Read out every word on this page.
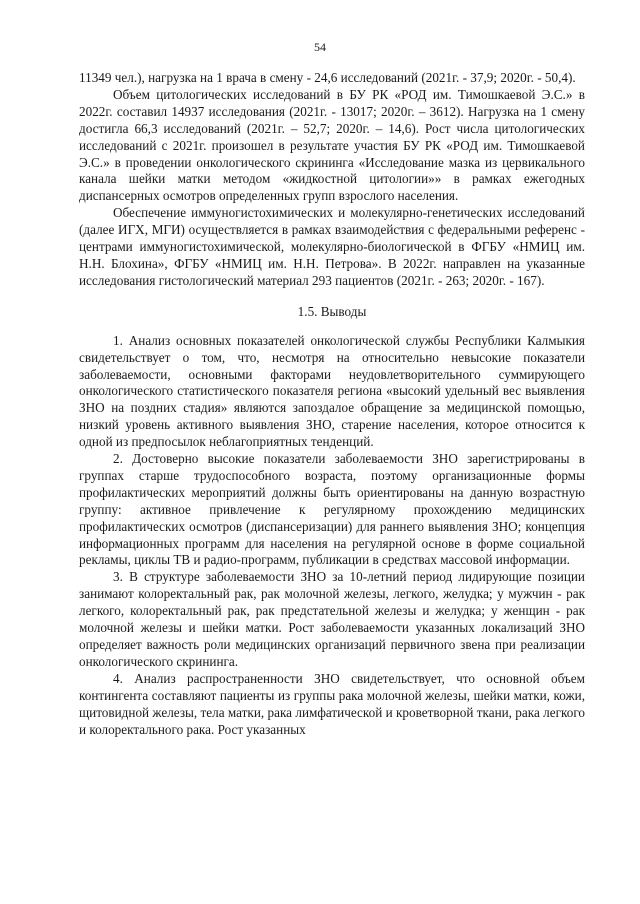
54

11349 чел.), нагрузка на 1 врача в смену - 24,6 исследований (2021г. - 37,9; 2020г. - 50,4).

Объем цитологических исследований в БУ РК «РОД им. Тимошкаевой Э.С.» в 2022г. составил 14937 исследования (2021г. - 13017; 2020г. – 3612). Нагрузка на 1 смену достигла 66,3 исследований (2021г. – 52,7; 2020г. – 14,6). Рост числа цитологических исследований с 2021г. произошел в результате участия БУ РК «РОД им. Тимошкаевой Э.С.» в проведении онкологического скрининга «Исследование мазка из цервикального канала шейки матки методом «жидкостной цитологии»» в рамках ежегодных диспансерных осмотров определенных групп взрослого населения.

Обеспечение иммуногистохимических и молекулярно-генетических исследований (далее ИГХ, МГИ) осуществляется в рамках взаимодействия с федеральными референс - центрами иммуногистохимической, молекулярно-биологической в ФГБУ «НМИЦ им. Н.Н. Блохина», ФГБУ «НМИЦ им. Н.Н. Петрова». В 2022г. направлен на указанные исследования гистологический материал 293 пациентов (2021г. - 263; 2020г. - 167).

1.5. Выводы

1. Анализ основных показателей онкологической службы Республики Калмыкия свидетельствует о том, что, несмотря на относительно невысокие показатели заболеваемости, основными факторами неудовлетворительного суммирующего онкологического статистического показателя региона «высокий удельный вес выявления ЗНО на поздних стадия» являются запоздалое обращение за медицинской помощью, низкий уровень активного выявления ЗНО, старение населения, которое относится к одной из предпосылок неблагоприятных тенденций.

2. Достоверно высокие показатели заболеваемости ЗНО зарегистрированы в группах старше трудоспособного возраста, поэтому организационные формы профилактических мероприятий должны быть ориентированы на данную возрастную группу: активное привлечение к регулярному прохождению медицинских профилактических осмотров (диспансеризации) для раннего выявления ЗНО; концепция информационных программ для населения на регулярной основе в форме социальной рекламы, циклы ТВ и радио-программ, публикации в средствах массовой информации.

3. В структуре заболеваемости ЗНО за 10-летний период лидирующие позиции занимают колоректальный рак, рак молочной железы, легкого, желудка; у мужчин - рак легкого, колоректальный рак, рак предстательной железы и желудка; у женщин - рак молочной железы и шейки матки. Рост заболеваемости указанных локализаций ЗНО определяет важность роли медицинских организаций первичного звена при реализации онкологического скрининга.

4. Анализ распространенности ЗНО свидетельствует, что основной объем контингента составляют пациенты из группы рака молочной железы, шейки матки, кожи, щитовидной железы, тела матки, рака лимфатической и кроветворной ткани, рака легкого и колоректального рака. Рост указанных
